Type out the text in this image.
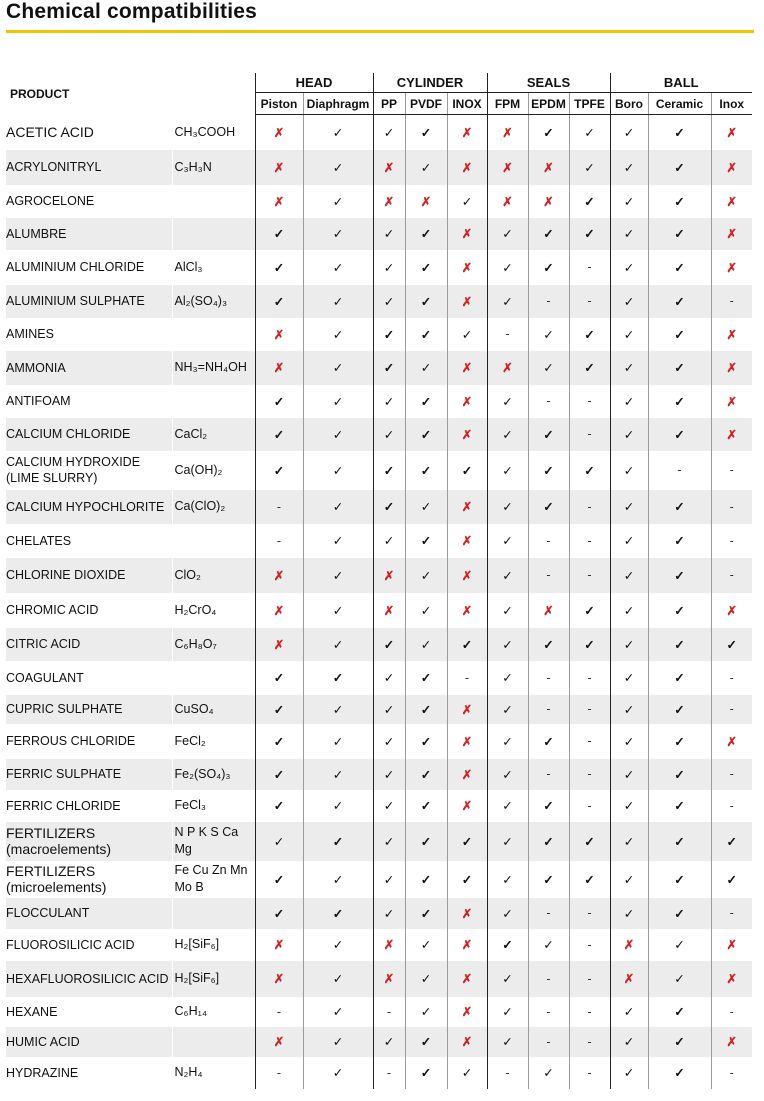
Chemical compatibilities
PRODUCT		HEAD		CYLINDER			SEALS			BALL		
		Piston	Diaphragm	PP	PVDF	INOX	FPM	EPDM	TPFE	Boro	Ceramic	Inox
ACETIC ACID	CH₃COOH	✗	✓	✓	✓	✗	✗	✓	✓	✓	✓	✗
ACRYLONITRYL	C₃H₃N	✗	✓	✗	✓	✗	✗	✗	✓	✓	✓	✗
AGROCELONE		✗	✓	✗	✗	✓	✗	✗	✓	✓	✓	✗
ALUMBRE		✓	✓	✓	✓	✗	✓	✓	✓	✓	✓	✗
ALUMINIUM CHLORIDE	AlCl₃	✓	✓	✓	✓	✗	✓	✓	-	✓	✓	✗
ALUMINIUM SULPHATE	Al₂(SO₄)₃	✓	✓	✓	✓	✗	✓	-	-	✓	✓	-
AMINES		✗	✓	✓	✓	✓	-	✓	✓	✓	✓	✗
AMMONIA	NH₃=NH₄OH	✗	✓	✓	✓	✗	✗	✓	✓	✓	✓	✗
ANTIFOAM		✓	✓	✓	✓	✗	✓	-	-	✓	✓	✗
CALCIUM CHLORIDE	CaCl₂	✓	✓	✓	✓	✗	✓	✓	-	✓	✓	✗
CALCIUM HYDROXIDE (LIME SLURRY)	Ca(OH)₂	✓	✓	✓	✓	✓	✓	✓	✓	✓	-	-
CALCIUM HYPOCHLORITE	Ca(ClO)₂	-	✓	✓	✓	✗	✓	✓	-	✓	✓	-
CHELATES		-	✓	✓	✓	✗	✓	-	-	✓	✓	-
CHLORINE DIOXIDE	ClO₂	✗	✓	✗	✓	✗	✓	-	-	✓	✓	-
CHROMIC ACID	H₂CrO₄	✗	✓	✗	✓	✗	✓	✗	✓	✓	✓	✗
CITRIC ACID	C₆H₈O₇	✗	✓	✓	✓	✓	✓	✓	✓	✓	✓	✓
COAGULANT		✓	✓	✓	✓	-	✓	-	-	✓	✓	-
CUPRIC SULPHATE	CuSO₄	✓	✓	✓	✓	✗	✓	-	-	✓	✓	-
FERROUS CHLORIDE	FeCl₂	✓	✓	✓	✓	✗	✓	✓	-	✓	✓	✗
FERRIC SULPHATE	Fe₂(SO₄)₃	✓	✓	✓	✓	✗	✓	-	-	✓	✓	-
FERRIC CHLORIDE	FeCl₃	✓	✓	✓	✓	✗	✓	✓	-	✓	✓	-
FERTILIZERS (macroelements)	N P K S Ca Mg	✓	✓	✓	✓	✓	✓	✓	✓	✓	✓	✓
FERTILIZERS (microelements)	Fe Cu Zn Mn Mo B	✓	✓	✓	✓	✓	✓	✓	✓	✓	✓	✓
FLOCCULANT		✓	✓	✓	✓	✗	✓	-	-	✓	✓	-
FLUOROSILICIC ACID	H₂[SiF₆]	✗	✓	✗	✓	✗	✓	✓	-	✗	✓	✗
HEXAFLUOROSILICIC ACID	H₂[SiF₆]	✗	✓	✗	✓	✗	✓	-	-	✗	✓	✗
HEXANE	C₆H₁₄	-	✓	-	✓	✗	✓	-	-	✓	✓	-
HUMIC ACID		✗	✓	✓	✓	✗	✓	-	-	✓	✓	✗
HYDRAZINE	N₂H₄	-	✓	-	✓	✓	-	✓	-	✓	✓	-
